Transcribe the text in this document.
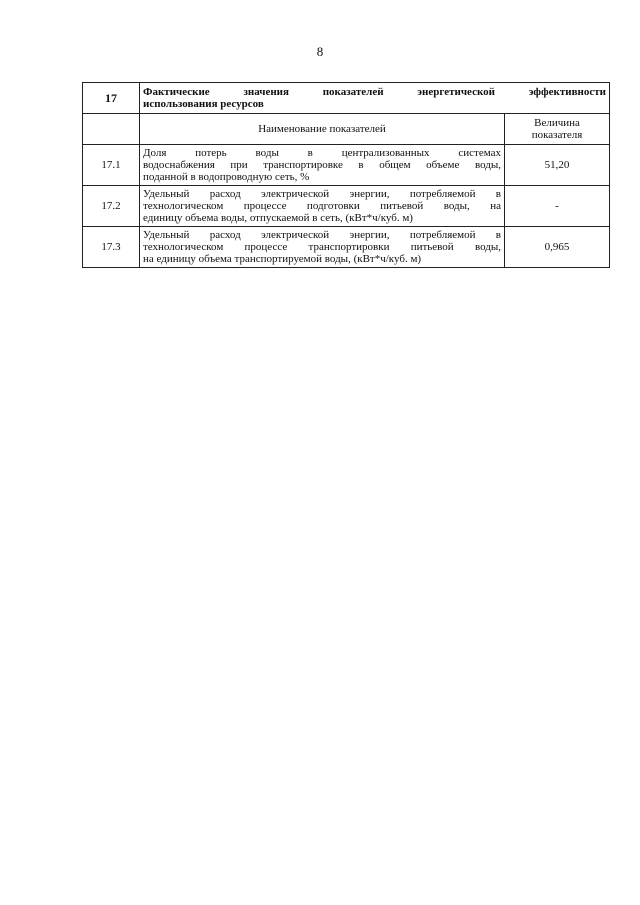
8
17	Фактические значения показателей энергетической эффективности
использования ресурсов	

	Наименование показателей	Величина
показателя

17.1	Доля потерь воды в централизованных системах
водоснабжения при транспортировке в общем объеме воды,
поданной в водопроводную сеть, %	51,20
17.2	Удельный расход электрической энергии, потребляемой в
технологическом процессе подготовки питьевой воды, на
единицу объема воды, отпускаемой в сеть, (кВт*ч/куб. м)	-
17.3	Удельный расход электрической энергии, потребляемой в
технологическом процессе транспортировки питьевой воды,
на единицу объема транспортируемой воды, (кВт*ч/куб. м)	0,965
